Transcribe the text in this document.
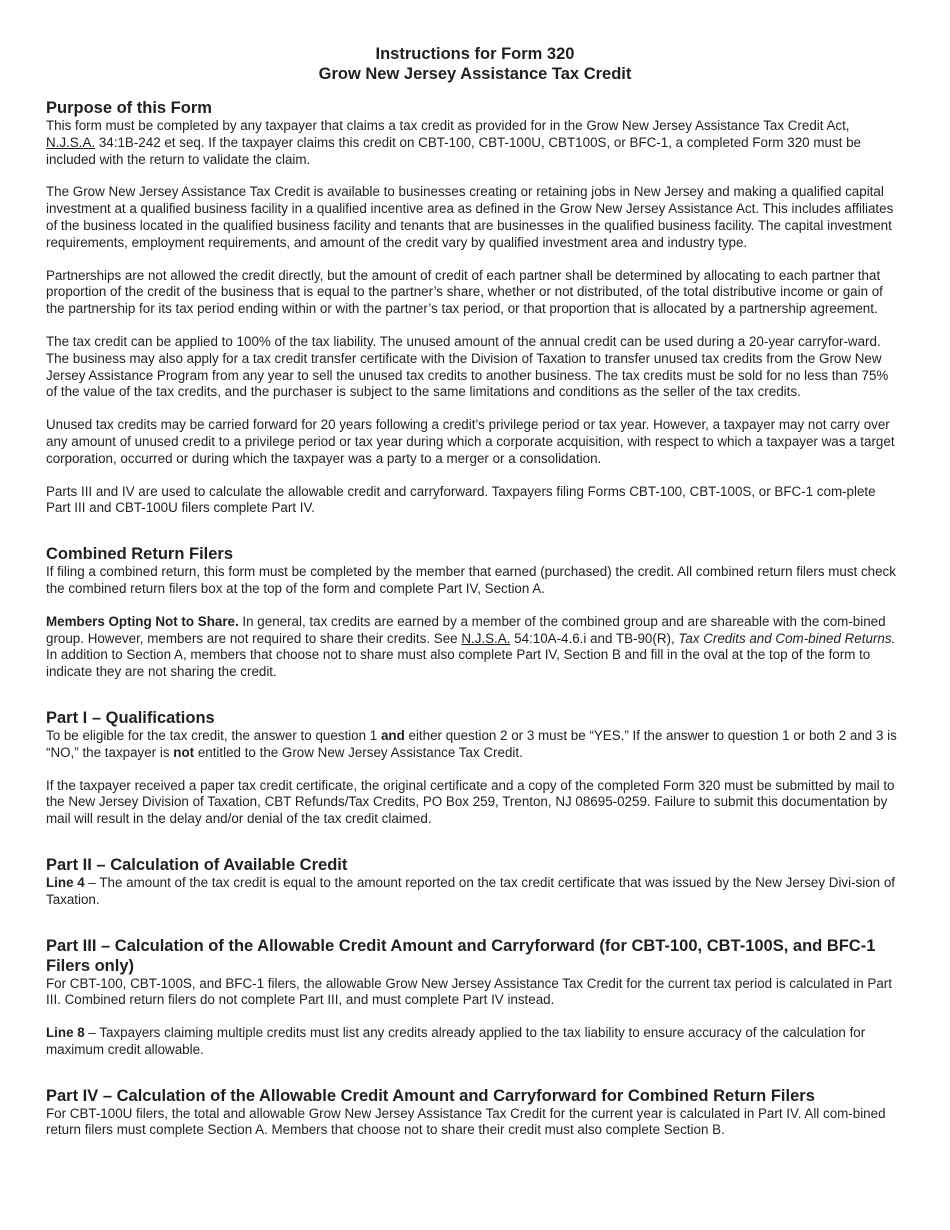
Instructions for Form 320
Grow New Jersey Assistance Tax Credit
Purpose of this Form

This form must be completed by any taxpayer that claims a tax credit as provided for in the Grow New Jersey Assistance Tax Credit Act,
N.J.S.A. 34:1B-242 et seq. If the taxpayer claims this credit on CBT-100, CBT-100U, CBT100S, or BFC-1, a completed Form 320 must be included with the return to validate the claim.

The Grow New Jersey Assistance Tax Credit is available to businesses creating or retaining jobs in New Jersey and making a qualified capital investment at a qualified business facility in a qualified incentive area as defined in the Grow New Jersey Assistance Act. This includes affiliates of the business located in the qualified business facility and tenants that are businesses in the qualified business facility. The capital investment requirements, employment requirements, and amount of the credit vary by qualified investment area and industry type.

Partnerships are not allowed the credit directly, but the amount of credit of each partner shall be determined by allocating to each partner that proportion of the credit of the business that is equal to the partner’s share, whether or not distributed, of the total distributive income or gain of the partnership for its tax period ending within or with the partner’s tax period, or that proportion that is allocated by a partnership agreement.

The tax credit can be applied to 100% of the tax liability. The unused amount of the annual credit can be used during a 20-year carryfor-ward. The business may also apply for a tax credit transfer certificate with the Division of Taxation to transfer unused tax credits from the Grow New Jersey Assistance Program from any year to sell the unused tax credits to another business. The tax credits must be sold for no less than 75% of the value of the tax credits, and the purchaser is subject to the same limitations and conditions as the seller of the tax credits.

Unused tax credits may be carried forward for 20 years following a credit’s privilege period or tax year. However, a taxpayer may not carry over any amount of unused credit to a privilege period or tax year during which a corporate acquisition, with respect to which a taxpayer was a target corporation, occurred or during which the taxpayer was a party to a merger or a consolidation.

Parts III and IV are used to calculate the allowable credit and carryforward. Taxpayers filing Forms CBT-100, CBT-100S, or BFC-1 com-plete Part III and CBT-100U filers complete Part IV.

Combined Return Filers

If filing a combined return, this form must be completed by the member that earned (purchased) the credit. All combined return filers must check the combined return filers box at the top of the form and complete Part IV, Section A.

Members Opting Not to Share. In general, tax credits are earned by a member of the combined group and are shareable with the com-bined group. However, members are not required to share their credits. See N.J.S.A. 54:10A-4.6.i and TB-90(R), Tax Credits and Com-bined Returns. In addition to Section A, members that choose not to share must also complete Part IV, Section B and fill in the oval at the top of the form to indicate they are not sharing the credit.

Part I – Qualifications

To be eligible for the tax credit, the answer to question 1 and either question 2 or 3 must be “YES.” If the answer to question 1 or both 2 and 3 is “NO,” the taxpayer is not entitled to the Grow New Jersey Assistance Tax Credit.

If the taxpayer received a paper tax credit certificate, the original certificate and a copy of the completed Form 320 must be submitted by mail to the New Jersey Division of Taxation, CBT Refunds/Tax Credits, PO Box 259, Trenton, NJ 08695-0259. Failure to submit this documentation by mail will result in the delay and/or denial of the tax credit claimed.

Part II – Calculation of Available Credit

Line 4 – The amount of the tax credit is equal to the amount reported on the tax credit certificate that was issued by the New Jersey Divi-sion of Taxation.

Part III – Calculation of the Allowable Credit Amount and Carryforward (for CBT-100, CBT-100S, and BFC-1 Filers only)

For CBT-100, CBT-100S, and BFC-1 filers, the allowable Grow New Jersey Assistance Tax Credit for the current tax period is calculated in Part III. Combined return filers do not complete Part III, and must complete Part IV instead.

Line 8 – Taxpayers claiming multiple credits must list any credits already applied to the tax liability to ensure accuracy of the calculation for maximum credit allowable.

Part IV – Calculation of the Allowable Credit Amount and Carryforward for Combined Return Filers

For CBT-100U filers, the total and allowable Grow New Jersey Assistance Tax Credit for the current year is calculated in Part IV. All com-bined return filers must complete Section A. Members that choose not to share their credit must also complete Section B.
